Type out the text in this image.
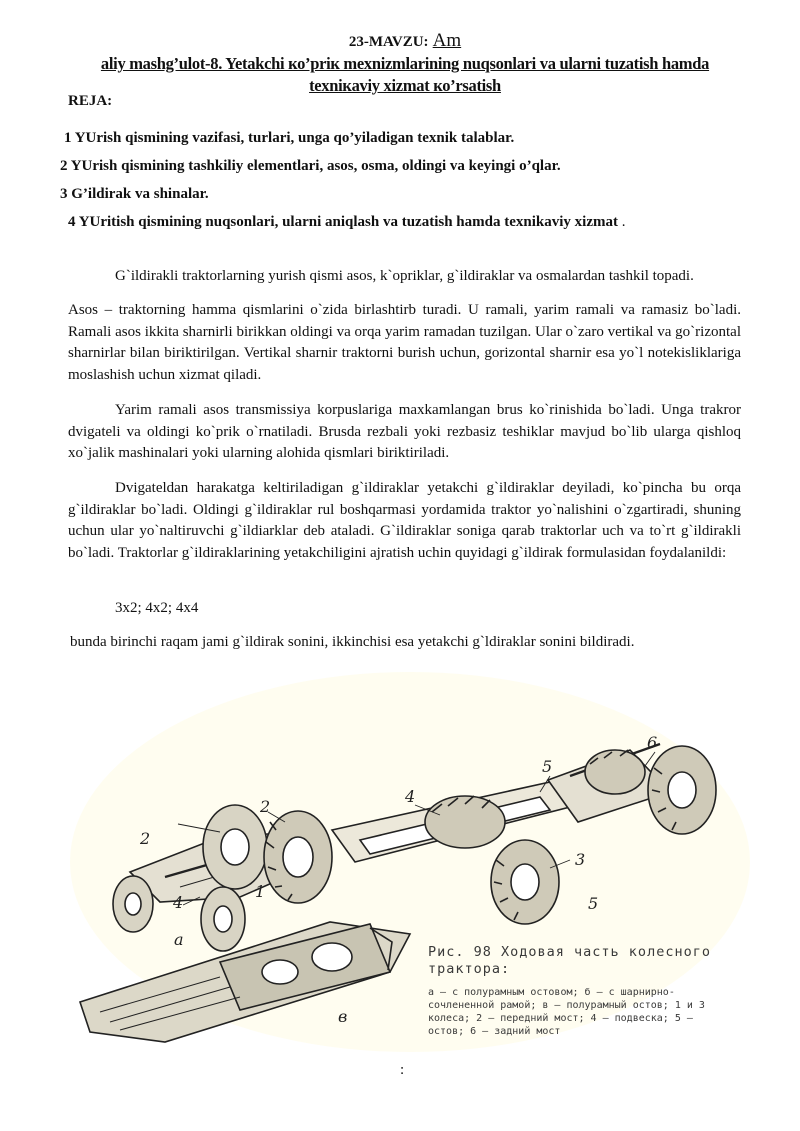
23-MAVZU: Am
aliy mashg’ulot-8. Yetakchi ко’prік mexnizmlarining nuqsonlari va ularni tuzatish hamda
texnікaviy xizmat ко’rsatish
REJA:
1 YUrish qismining vazifasi, turlari, unga qo’yiladigan texnik talablar.
2 YUrish qismining tashkiliy elementlari, asos, osma, oldingi va keyingi o’qlar.
3 G’ildirak va shinalar.
4 YUritish qismining nuqsonlari, ularni aniqlash va tuzatish hamda texnikaviy xizmat .

G`ildirakli traktorlarning yurish qismi asos, k`opriklar, g`ildiraklar va osmalardan tashkil topadi.

Asos – traktorning hamma qismlarini o`zida birlashtirb turadi. U ramali, yarim ramali va ramasiz bo`ladi. Ramali asos ikkita sharnirli birikkan oldingi va orqa yarim ramadan tuzilgan. Ular o`zaro vertikal va go`rizontal sharnirlar bilan biriktirilgan. Vertikal sharnir traktorni burish uchun, gorizontal sharnir esa yo`l notekisliklariga moslashish uchun xizmat qiladi.

Yarim ramali asos transmissiya korpuslariga maxkamlangan brus ko`rinishida bo`ladi. Unga trakror dvigateli va oldingi ko`prik o`rnatiladi. Brusda rezbali yoki rezbasiz teshiklar mavjud bo`lib ularga qishloq xo`jalik mashinalari yoki ularning alohida qismlari biriktiriladi.

Dvigateldan harakatga keltiriladigan g`ildiraklar yetakchi g`ildiraklar deyiladi, ko`pincha bu orqa g`ildiraklar bo`ladi. Oldingi g`ildiraklar rul boshqarmasi yordamida traktor yo`nalishini o`zgartiradi, shuning uchun ular yo`naltiruvchi g`ildiarklar deb ataladi. G`ildiraklar soniga qarab traktorlar uch va to`rt g`ildirakli bo`ladi. Traktorlar g`ildiraklarining yetakchiligini ajratish uchin quyidagi g`ildirak formulasidan foydalanildi:

3x2; 4x2; 4x4
bunda birinchi raqam jami g`ildirak sonini, ikkinchisi esa yetakchi g`ldiraklar sonini bildiradi.
2
2
4
1
4
5
6
3
5
а
в

Рис. 98 Ходовая часть колесного трактора:

а — с полурамным остовом; б — с шарнирно-сочлененной рамой; в — полурамный остов; 1 и 3 колеса; 2 — передний мост; 4 — подвеска; 5 — остов; 6 — задний мост

:
